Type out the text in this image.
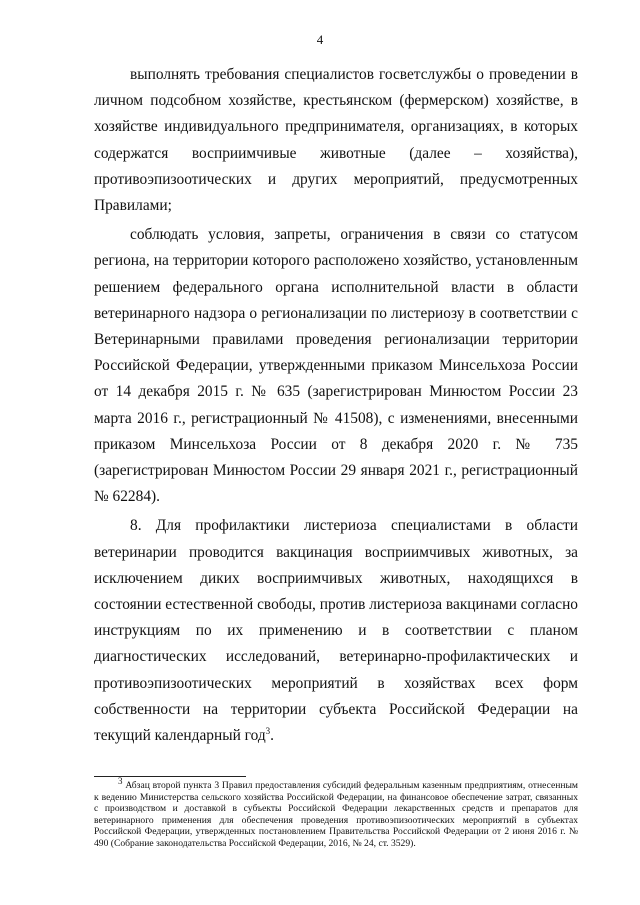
4

выполнять требования специалистов госветслужбы о проведении в личном подсобном хозяйстве, крестьянском (фермерском) хозяйстве, в хозяйстве индивидуального предпринимателя, организациях, в которых содержатся восприимчивые животные (далее – хозяйства), противоэпизоотических и других мероприятий, предусмотренных Правилами;

соблюдать условия, запреты, ограничения в связи со статусом региона, на территории которого расположено хозяйство, установленным решением федерального органа исполнительной власти в области ветеринарного надзора о регионализации по листериозу в соответствии с Ветеринарными правилами проведения регионализации территории Российской Федерации, утвержденными приказом Минсельхоза России от 14 декабря 2015 г. № 635 (зарегистрирован Минюстом России 23 марта 2016 г., регистрационный № 41508), с изменениями, внесенными приказом Минсельхоза России от 8 декабря 2020 г. № 735 (зарегистрирован Минюстом России 29 января 2021 г., регистрационный № 62284).

8. Для профилактики листериоза специалистами в области ветеринарии проводится вакцинация восприимчивых животных, за исключением диких восприимчивых животных, находящихся в состоянии естественной свободы, против листериоза вакцинами согласно инструкциям по их применению и в соответствии с планом диагностических исследований, ветеринарно-профилактических и противоэпизоотических мероприятий в хозяйствах всех форм собственности на территории субъекта Российской Федерации на текущий календарный год$^3$.

$^3$ Абзац второй пункта 3 Правил предоставления субсидий федеральным казенным предприятиям, отнесенным к ведению Министерства сельского хозяйства Российской Федерации, на финансовое обеспечение затрат, связанных с производством и доставкой в субъекты Российской Федерации лекарственных средств и препаратов для ветеринарного применения для обеспечения проведения противоэпизоотических мероприятий в субъектах Российской Федерации, утвержденных постановлением Правительства Российской Федерации от 2 июня 2016 г. № 490 (Собрание законодательства Российской Федерации, 2016, № 24, ст. 3529).
